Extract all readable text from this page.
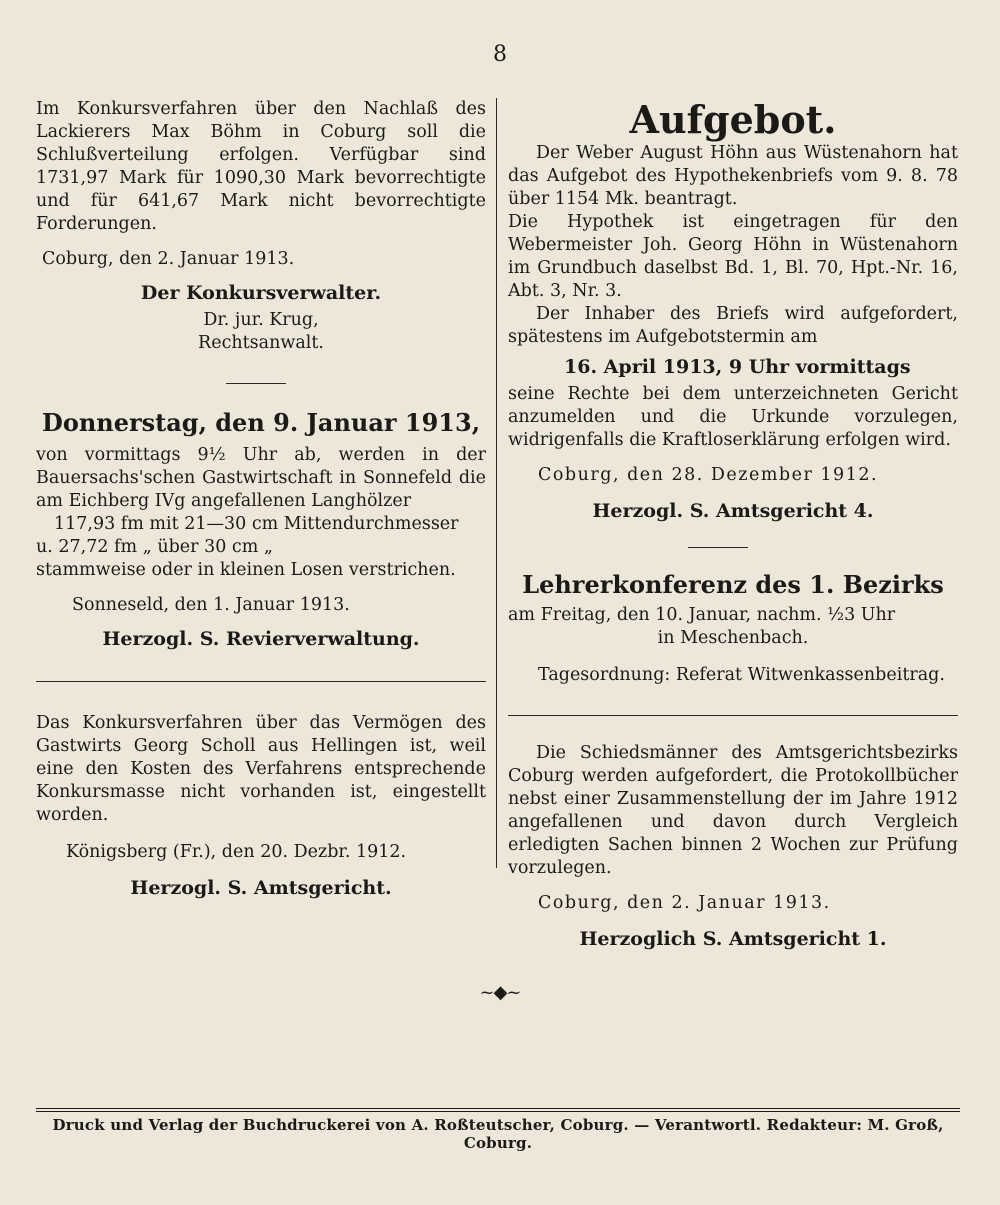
8

Im Konkursverfahren über den Nachlaß des Lackierers Max Böhm in Coburg soll die Schlußverteilung erfolgen. Verfügbar sind 1731,97 Mark für 1090,30 Mark bevorrechtigte und für 641,67 Mark nicht bevorrechtigte Forderungen.

Coburg, den 2. Januar 1913.

Der Konkursverwalter.

Dr. jur. Krug,

Rechtsanwalt.

Donnerstag, den 9. Januar 1913,

von vormittags 9½ Uhr ab, werden in der Bauersachs'schen Gastwirtschaft in Sonnefeld die am Eichberg IVg angefallenen Langhölzer

117,93 fm mit 21—30 cm Mittendurchmesser

u. 27,72 fm „ über 30 cm „

stammweise oder in kleinen Losen verstrichen.

Sonneseld, den 1. Januar 1913.

Herzogl. S. Revierverwaltung.

Das Konkursverfahren über das Vermögen des Gastwirts Georg Scholl aus Hellingen ist, weil eine den Kosten des Verfahrens entsprechende Konkursmasse nicht vorhanden ist, eingestellt worden.

Königsberg (Fr.), den 20. Dezbr. 1912.

Herzogl. S. Amtsgericht.

Aufgebot.

Der Weber August Höhn aus Wüstenahorn hat das Aufgebot des Hypothekenbriefs vom 9. 8. 78 über 1154 Mk. beantragt.

Die Hypothek ist eingetragen für den Webermeister Joh. Georg Höhn in Wüstenahorn im Grundbuch daselbst Bd. 1, Bl. 70, Hpt.-Nr. 16, Abt. 3, Nr. 3.

Der Inhaber des Briefs wird aufgefordert, spätestens im Aufgebotstermin am

16. April 1913, 9 Uhr vormittags

seine Rechte bei dem unterzeichneten Gericht anzumelden und die Urkunde vorzulegen, widrigenfalls die Kraftloserklärung erfolgen wird.

Coburg, den 28. Dezember 1912.

Herzogl. S. Amtsgericht 4.

Lehrerkonferenz des 1. Bezirks

am Freitag, den 10. Januar, nachm. ½3 Uhr

in Meschenbach.

Tagesordnung: Referat Witwenkassenbeitrag.

Die Schiedsmänner des Amtsgerichtsbezirks Coburg werden aufgefordert, die Protokollbücher nebst einer Zusammenstellung der im Jahre 1912 angefallenen und davon durch Vergleich erledigten Sachen binnen 2 Wochen zur Prüfung vorzulegen.

Coburg, den 2. Januar 1913.

Herzoglich S. Amtsgericht 1.

~◆~
Druck und Verlag der Buchdruckerei von A. Roßteutscher, Coburg. — Verantwortl. Redakteur: M. Groß, Coburg.
